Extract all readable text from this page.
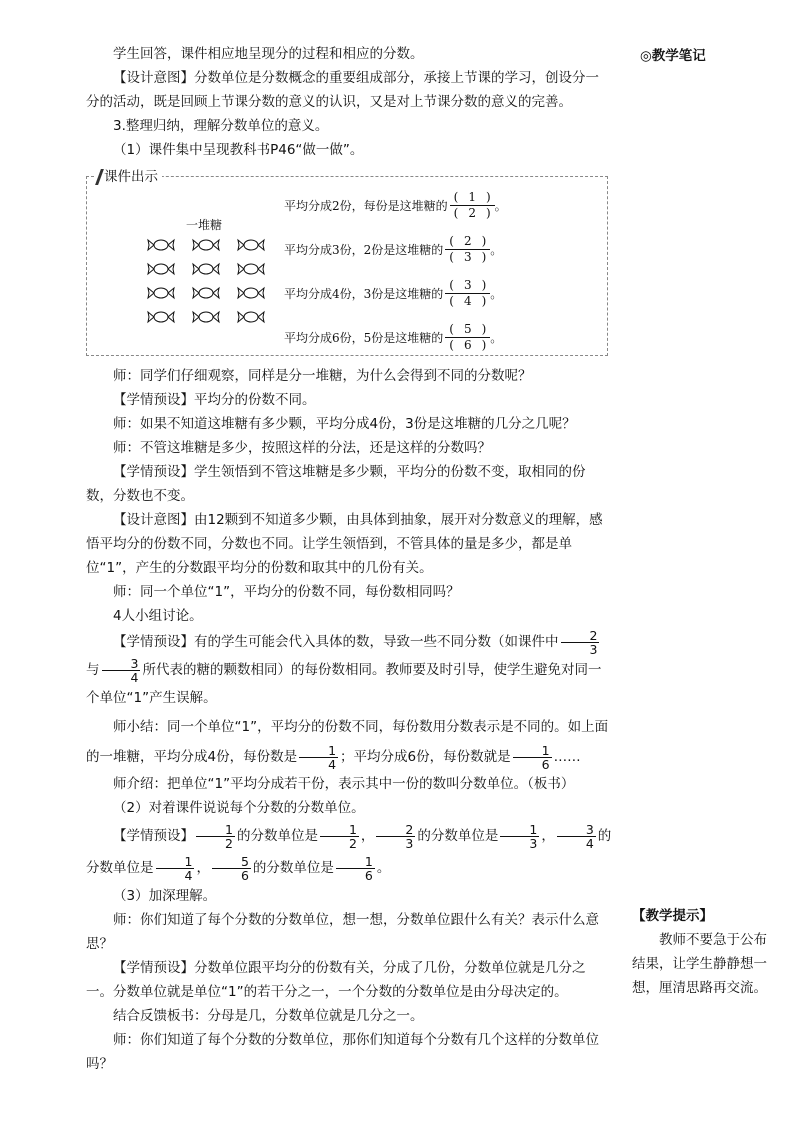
◎教学笔记

学生回答，课件相应地呈现分的过程和相应的分数。

【设计意图】分数单位是分数概念的重要组成部分，承接上节课的学习，创设分一分的活动，既是回顾上节课分数的意义的认识，又是对上节课分数的意义的完善。

3.整理归纳，理解分数单位的意义。

（1）课件集中呈现教科书P46“做一做”。

课件出示
一堆糖
平均分成2份，每份是这堆糖的
( 1 )
( 2 )
。
平均分成3份，2份是这堆糖的
( 2 )
( 3 )
。
平均分成4份，3份是这堆糖的
( 3 )
( 4 )
。
平均分成6份，5份是这堆糖的
( 5 )
( 6 )
。

师：同学们仔细观察，同样是分一堆糖，为什么会得到不同的分数呢？

【学情预设】平均分的份数不同。

师：如果不知道这堆糖有多少颗，平均分成4份，3份是这堆糖的几分之几呢？

师：不管这堆糖是多少，按照这样的分法，还是这样的分数吗？

【学情预设】学生领悟到不管这堆糖是多少颗，平均分的份数不变，取相同的份数，分数也不变。

【设计意图】由12颗到不知道多少颗，由具体到抽象，展开对分数意义的理解，感悟平均分的份数不同，分数也不同。让学生领悟到，不管具体的量是多少，都是单位“1”，产生的分数跟平均分的份数和取其中的几份有关。

师：同一个单位“1”，平均分的份数不同，每份数相同吗？

4人小组讨论。

【学情预设】有的学生可能会代入具体的数，导致一些不同分数（如课件中 $\frac{2}{3}$
与 $\frac{3}{4}$ 所代表的糖的颗数相同）的每份数相同。教师要及时引导，使学生避免对同一个单位“1”产生误解。

师小结：同一个单位“1”，平均分的份数不同，每份数用分数表示是不同的。如上面的一堆糖，平均分成4份，每份数是 $\frac{1}{4}$ ；平均分成6份，每份数就是 $\frac{1}{6}$ ……

师介绍：把单位“1”平均分成若干份，表示其中一份的数叫分数单位。（板书）

（2）对着课件说说每个分数的分数单位。

【学情预设】 $\frac{1}{2}$ 的分数单位是 $\frac{1}{2}$ ， $\frac{2}{3}$ 的分数单位是 $\frac{1}{3}$ ， $\frac{3}{4}$ 的分数单位是 $\frac{1}{4}$ ， $\frac{5}{6}$ 的分数单位是 $\frac{1}{6}$ 。

（3）加深理解。

师：你们知道了每个分数的分数单位，想一想，分数单位跟什么有关？表示什么意思？

【学情预设】分数单位跟平均分的份数有关，分成了几份，分数单位就是几分之一。分数单位就是单位“1”的若干分之一，一个分数的分数单位是由分母决定的。

结合反馈板书：分母是几，分数单位就是几分之一。

师：你们知道了每个分数的分数单位，那你们知道每个分数有几个这样的分数单位吗？

【教学提示】
教师不要急于公布结果，让学生静静想一想，厘清思路再交流。
